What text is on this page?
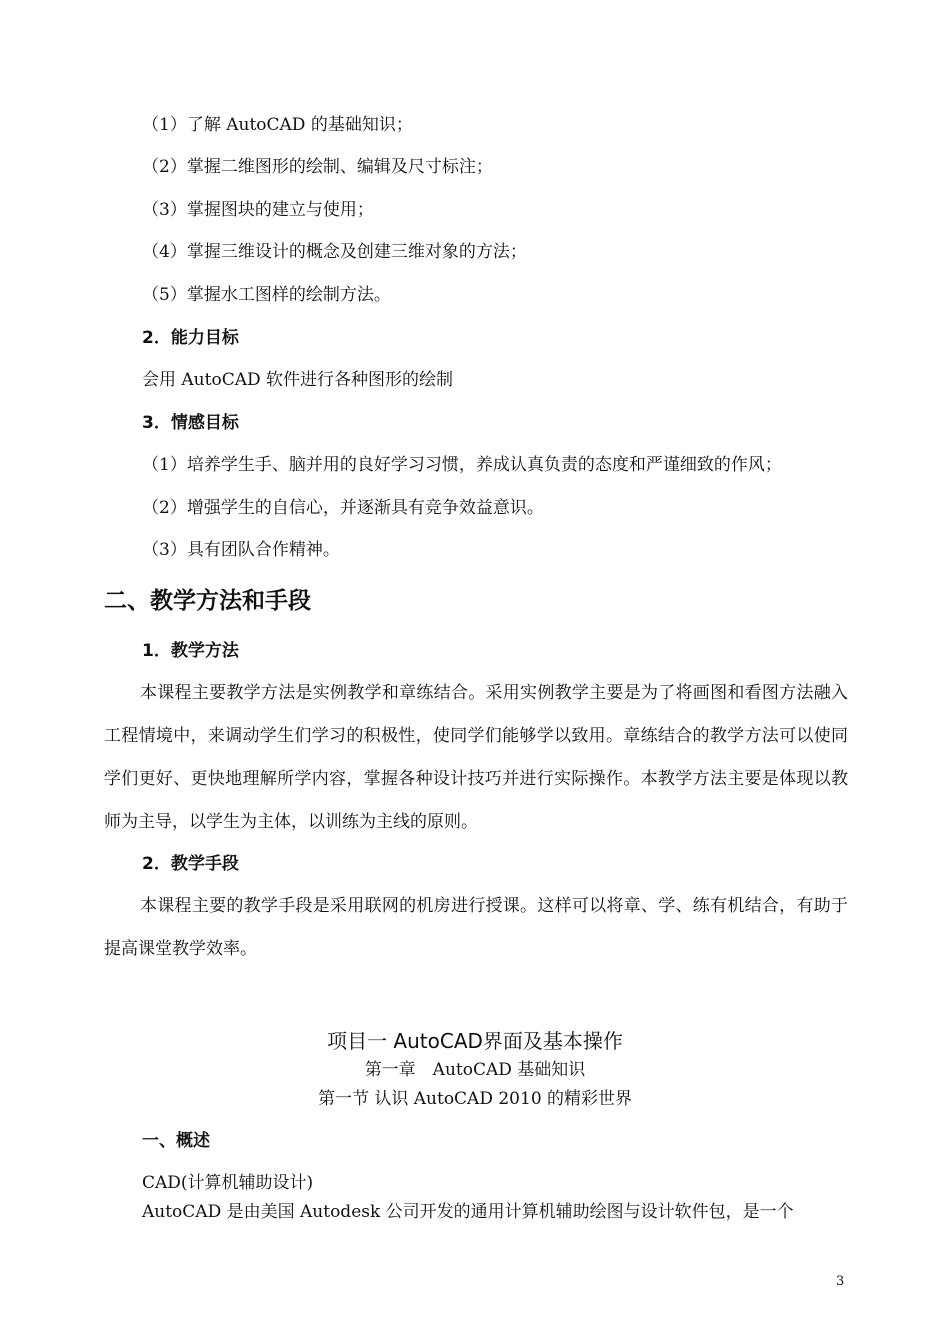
（1）了解 AutoCAD 的基础知识；
（2）掌握二维图形的绘制、编辑及尺寸标注；
（3）掌握图块的建立与使用；
（4）掌握三维设计的概念及创建三维对象的方法；
（5）掌握水工图样的绘制方法。
2．能力目标
会用 AutoCAD 软件进行各种图形的绘制
3．情感目标
（1）培养学生手、脑并用的良好学习习惯，养成认真负责的态度和严谨细致的作风；
（2）增强学生的自信心，并逐渐具有竞争效益意识。
（3）具有团队合作精神。
二、教学方法和手段
1．教学方法

本课程主要教学方法是实例教学和章练结合。采用实例教学主要是为了将画图和看图方法融入工程情境中，来调动学生们学习的积极性，使同学们能够学以致用。章练结合的教学方法可以使同学们更好、更快地理解所学内容，掌握各种设计技巧并进行实际操作。本教学方法主要是体现以教师为主导，以学生为主体，以训练为主线的原则。

2．教学手段

本课程主要的教学手段是采用联网的机房进行授课。这样可以将章、学、练有机结合，有助于提高课堂教学效率。

项目一 AutoCAD界面及基本操作
第一章　AutoCAD 基础知识
第一节 认识 AutoCAD 2010 的精彩世界
一、概述
CAD(计算机辅助设计)
AutoCAD 是由美国 Autodesk 公司开发的通用计算机辅助绘图与设计软件包，是一个
3
